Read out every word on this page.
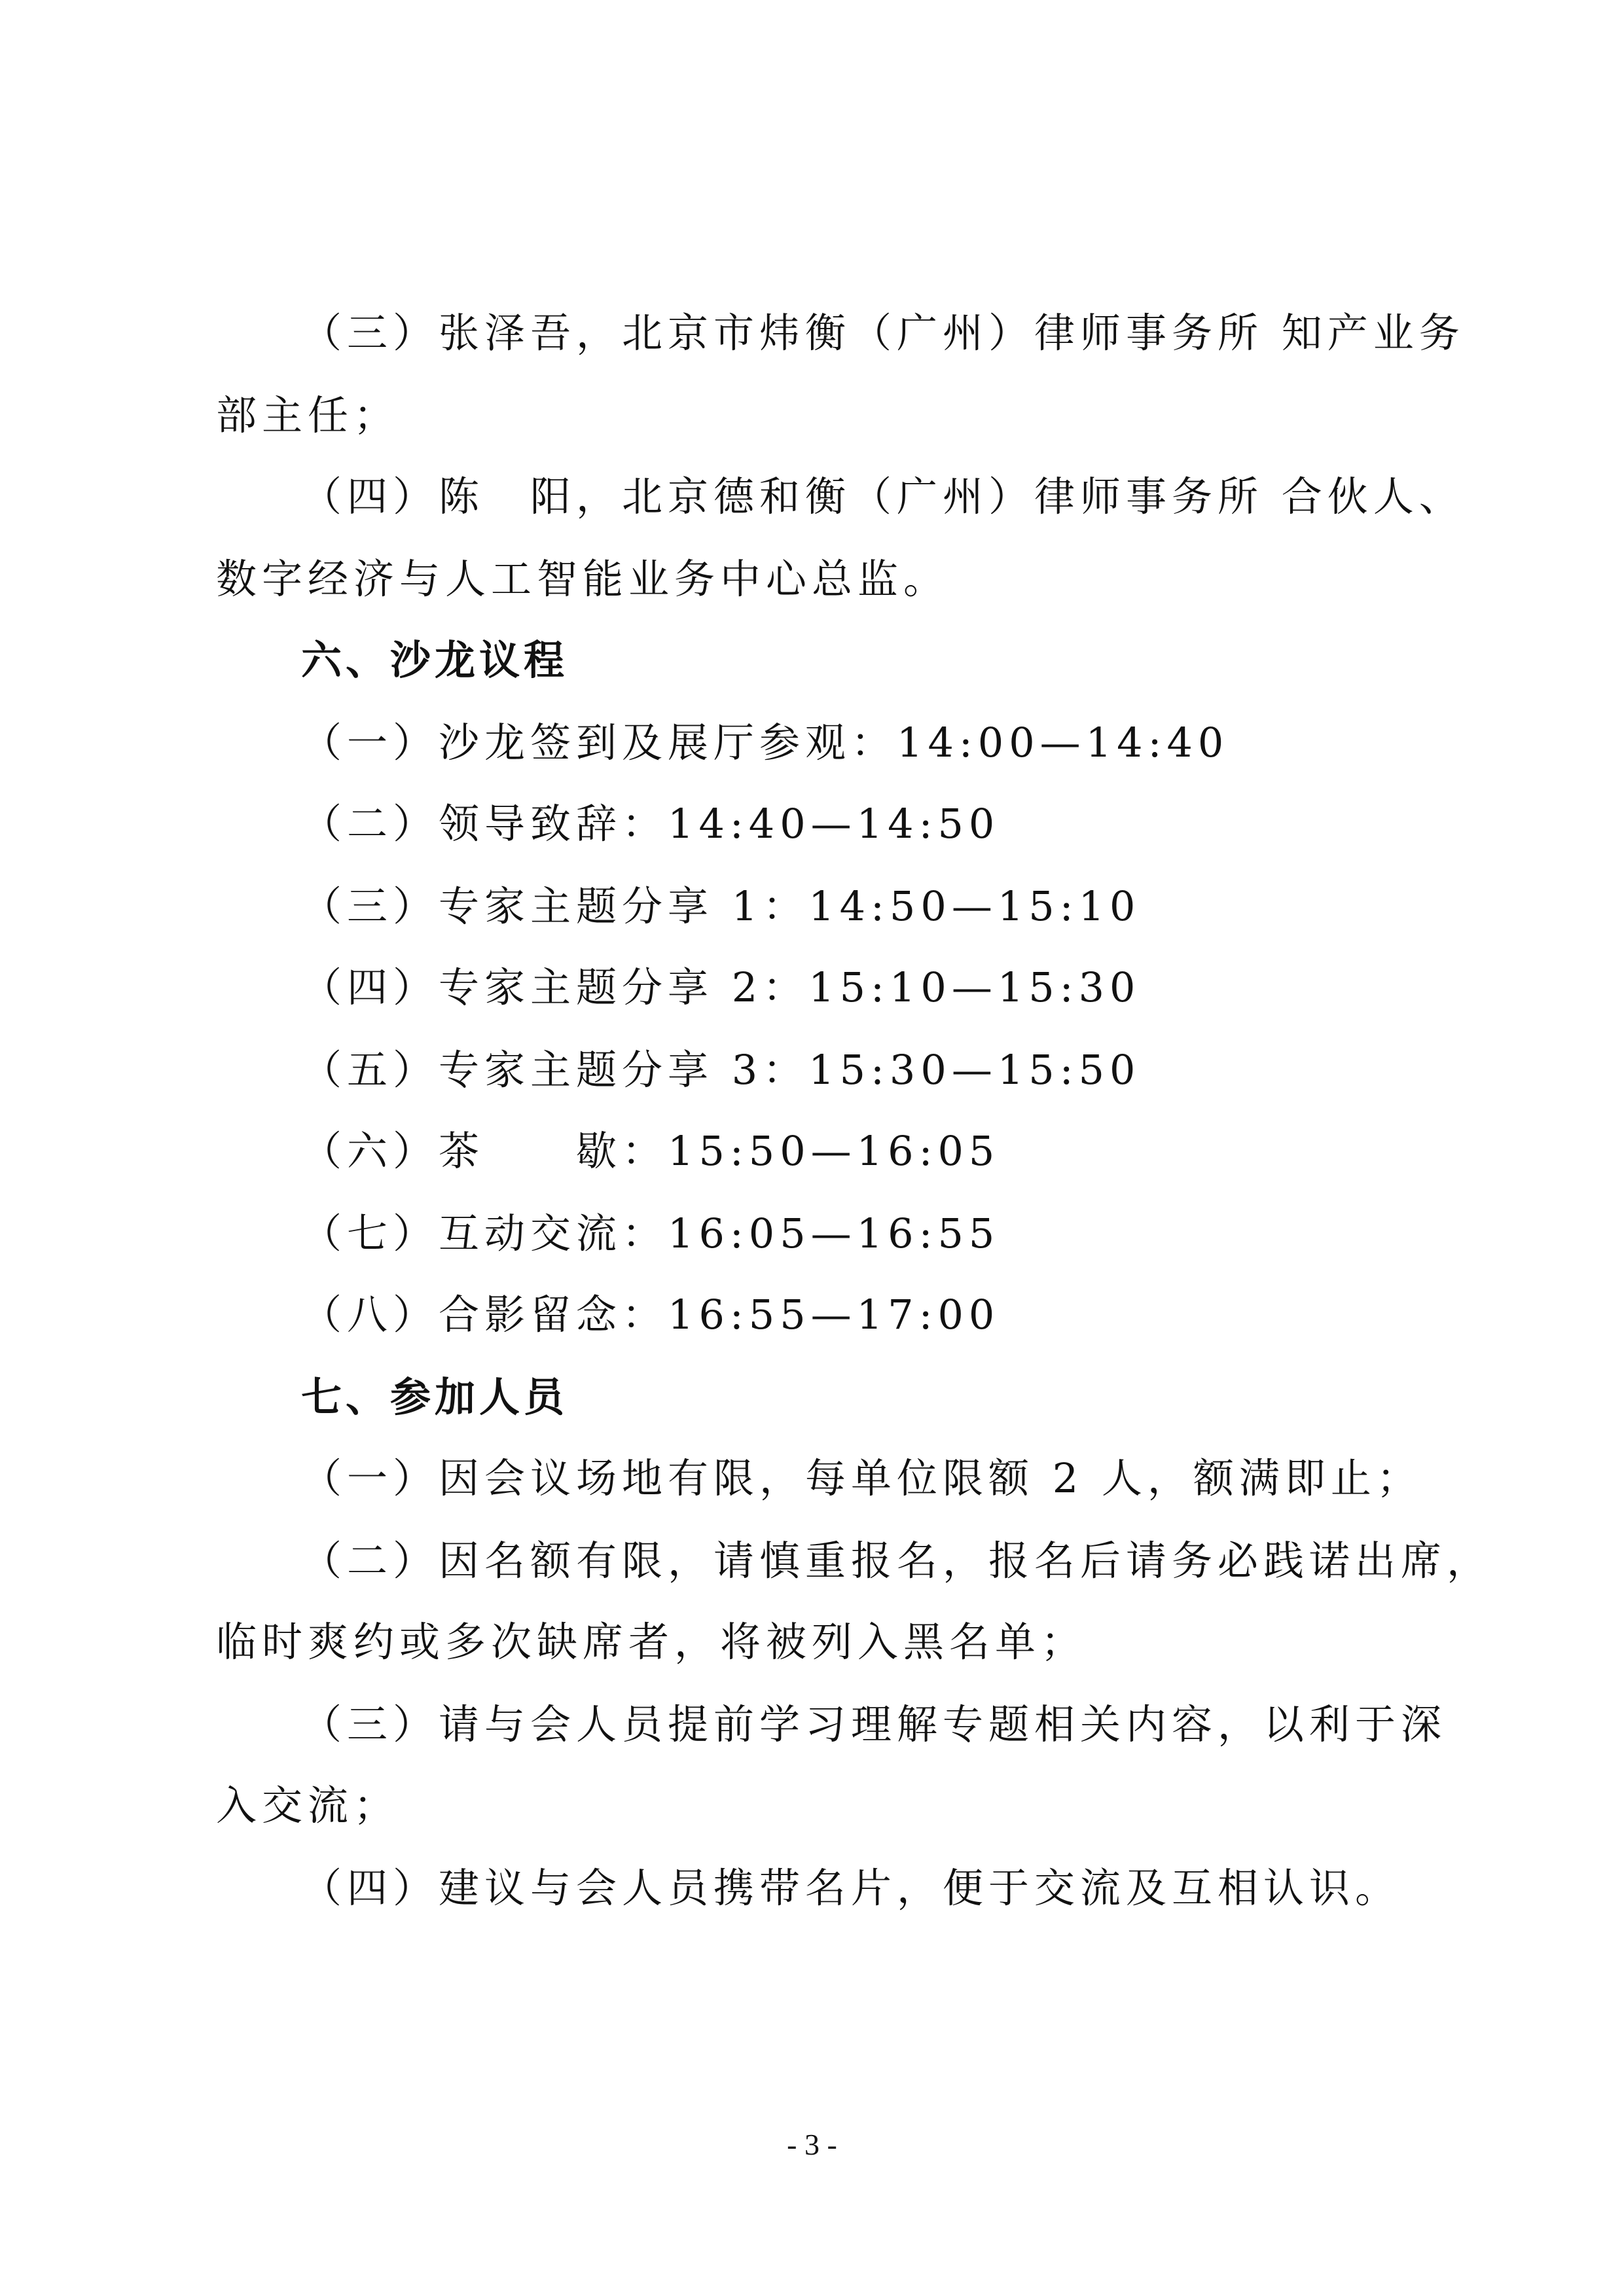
（三）张泽吾，北京市炜衡（广州）律师事务所 知产业务
部主任；
（四）陈　阳，北京德和衡（广州）律师事务所 合伙人、
数字经济与人工智能业务中心总监。
六、沙龙议程
（一）沙龙签到及展厅参观：14:00—14:40
（二）领导致辞：14:40—14:50
（三）专家主题分享 1：14:50—15:10
（四）专家主题分享 2：15:10—15:30
（五）专家主题分享 3：15:30—15:50
（六）茶　　歇：15:50—16:05
（七）互动交流：16:05—16:55
（八）合影留念：16:55—17:00
七、参加人员
（一）因会议场地有限，每单位限额 2 人，额满即止；
（二）因名额有限，请慎重报名，报名后请务必践诺出席，
临时爽约或多次缺席者，将被列入黑名单；
（三）请与会人员提前学习理解专题相关内容，以利于深
入交流；
（四）建议与会人员携带名片，便于交流及互相认识。
- 3 -
